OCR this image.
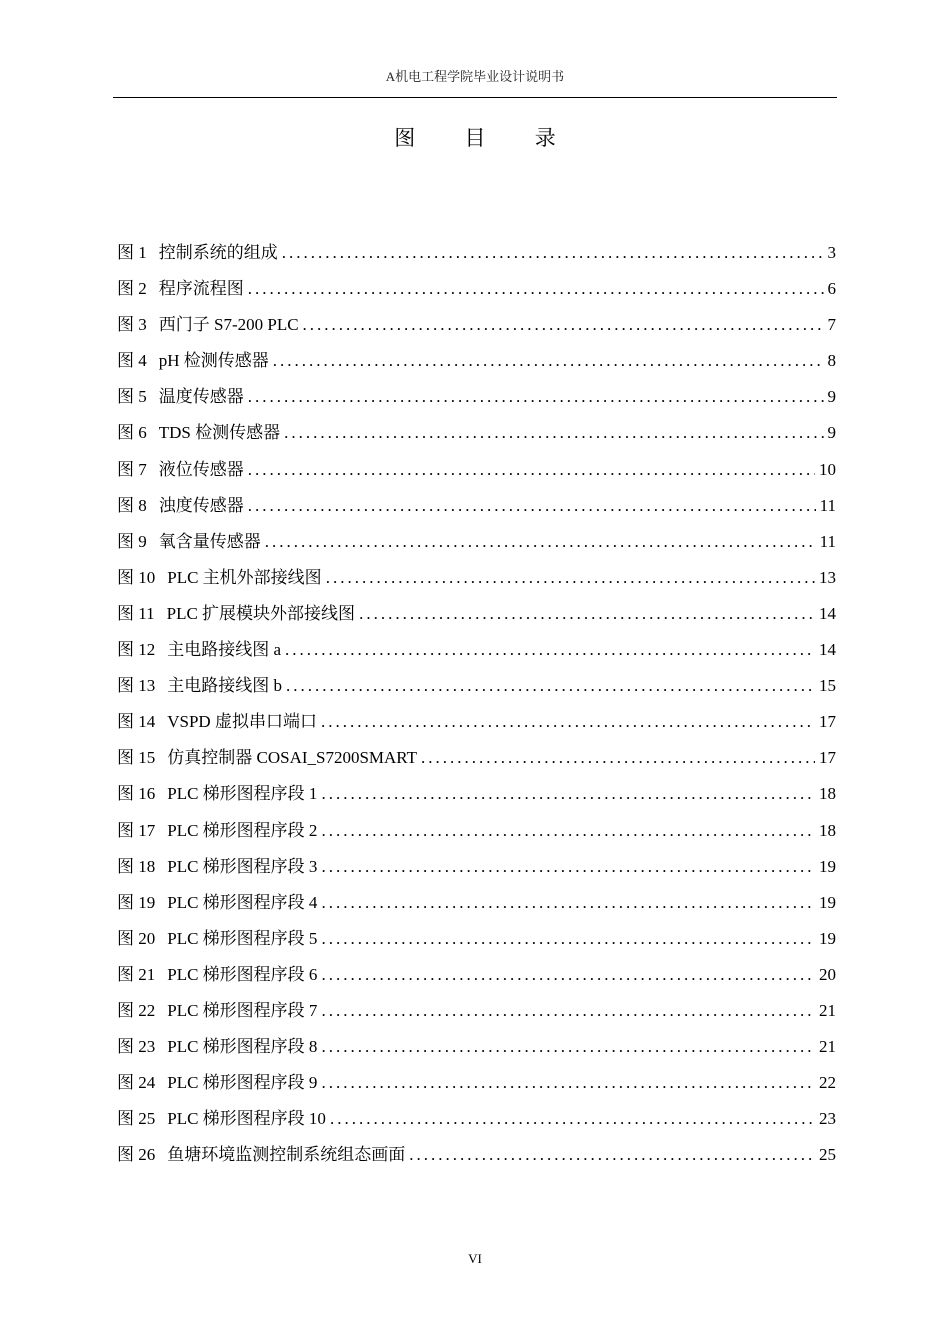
A机电工程学院毕业设计说明书
图 目 录
图 1 控制系统的组成 .....	3
图 2 程序流程图 .....	6
图 3 西门子 S7-200 PLC .....	7
图 4 pH 检测传感器 .....	8
图 5 温度传感器 .....	9
图 6 TDS 检测传感器 .....	9
图 7 液位传感器 .....	10
图 8 浊度传感器 .....	11
图 9 氧含量传感器 .....	11
图 10 PLC 主机外部接线图 .....	13
图 11 PLC 扩展模块外部接线图 .....	14
图 12 主电路接线图 a .....	14
图 13 主电路接线图 b .....	15
图 14 VSPD 虚拟串口端口 .....	17
图 15 仿真控制器 COSAI_S7200SMART .....	17
图 16 PLC 梯形图程序段 1 .....	18
图 17 PLC 梯形图程序段 2 .....	18
图 18 PLC 梯形图程序段 3 .....	19
图 19 PLC 梯形图程序段 4 .....	19
图 20 PLC 梯形图程序段 5 .....	19
图 21 PLC 梯形图程序段 6 .....	20
图 22 PLC 梯形图程序段 7 .....	21
图 23 PLC 梯形图程序段 8 .....	21
图 24 PLC 梯形图程序段 9 .....	22
图 25 PLC 梯形图程序段 10 .....	23
图 26 鱼塘环境监测控制系统组态画面 .....	25
VI
